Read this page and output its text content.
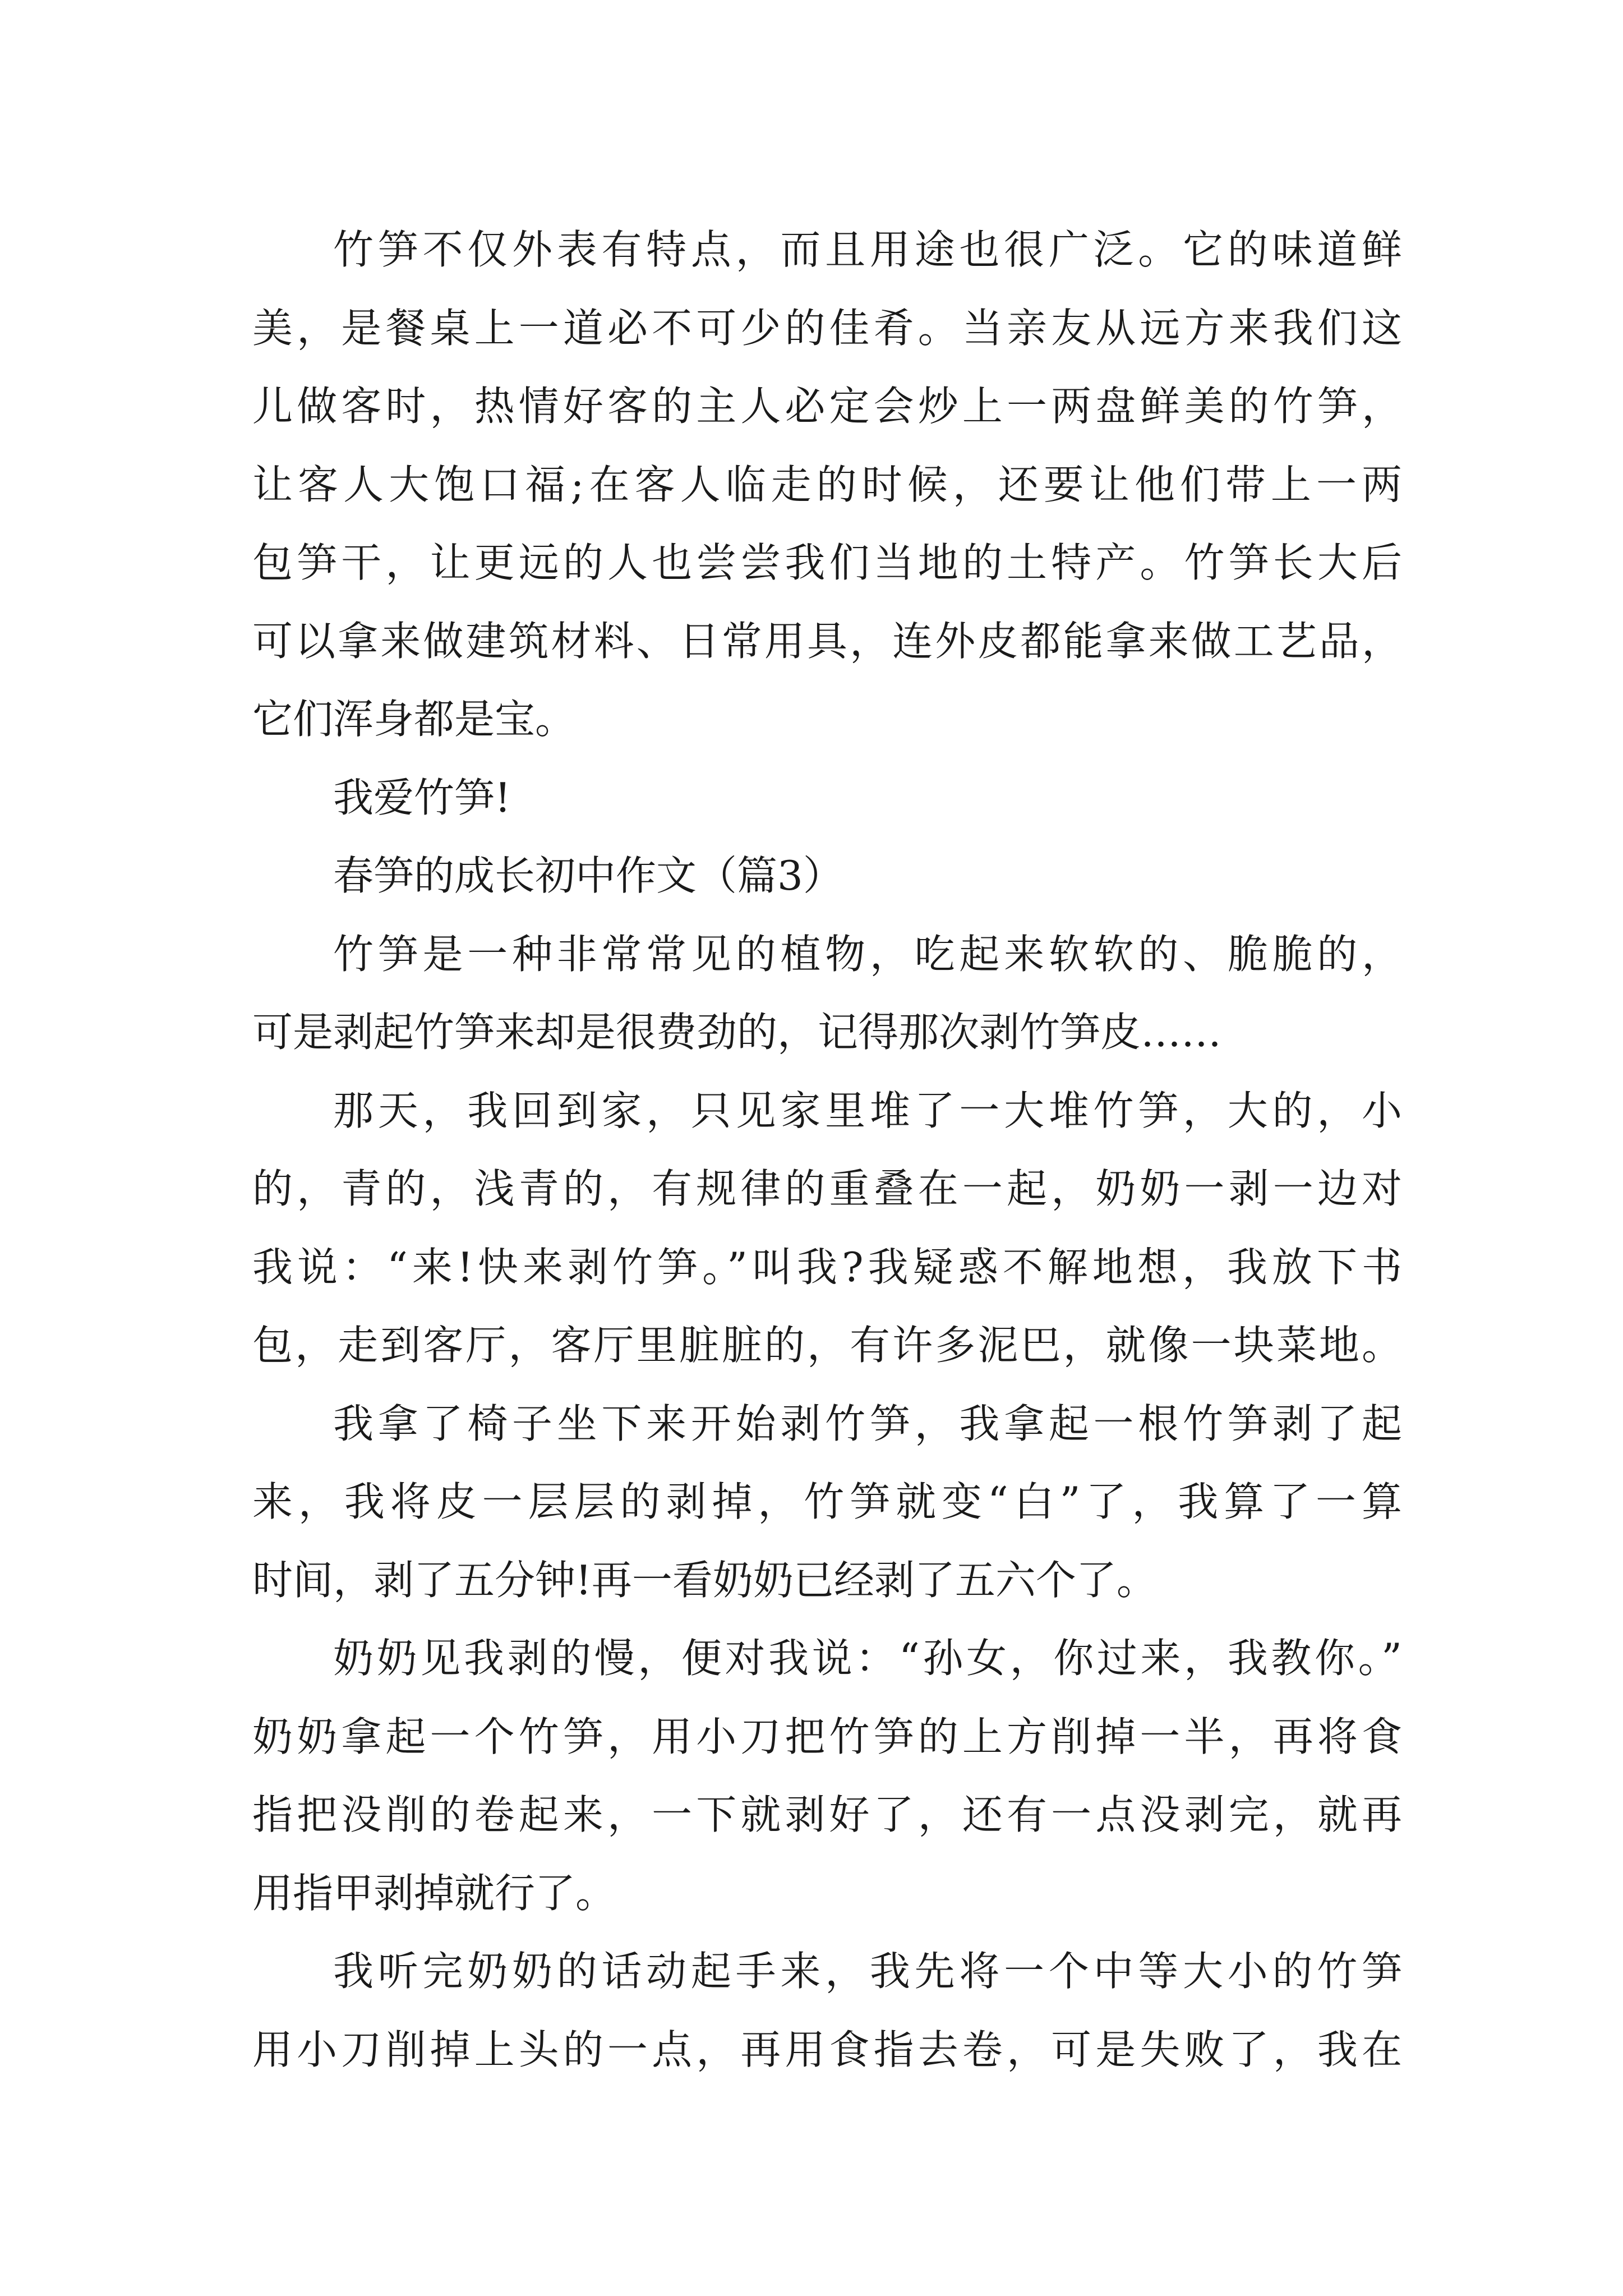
竹笋不仅外表有特点，而且用途也很广泛。它的味道鲜
美，是餐桌上一道必不可少的佳肴。当亲友从远方来我们这
儿做客时，热情好客的主人必定会炒上一两盘鲜美的竹笋，
让客人大饱口福;在客人临走的时候，还要让他们带上一两
包笋干，让更远的人也尝尝我们当地的土特产。竹笋长大后
可以拿来做建筑材料、日常用具，连外皮都能拿来做工艺品，
它们浑身都是宝。
我爱竹笋!
春笋的成长初中作文（篇3）
竹笋是一种非常常见的植物，吃起来软软的、脆脆的，
可是剥起竹笋来却是很费劲的，记得那次剥竹笋皮……
那天，我回到家，只见家里堆了一大堆竹笋，大的，小
的，青的，浅青的，有规律的重叠在一起，奶奶一剥一边对
我说：“来!快来剥竹笋。”叫我?我疑惑不解地想，我放下书
包，走到客厅，客厅里脏脏的，有许多泥巴，就像一块菜地。
我拿了椅子坐下来开始剥竹笋，我拿起一根竹笋剥了起
来，我将皮一层层的剥掉，竹笋就变“白”了，我算了一算
时间，剥了五分钟!再一看奶奶已经剥了五六个了。
奶奶见我剥的慢，便对我说：“孙女，你过来，我教你。”
奶奶拿起一个竹笋，用小刀把竹笋的上方削掉一半，再将食
指把没削的卷起来，一下就剥好了，还有一点没剥完，就再
用指甲剥掉就行了。
我听完奶奶的话动起手来，我先将一个中等大小的竹笋
用小刀削掉上头的一点，再用食指去卷，可是失败了，我在
